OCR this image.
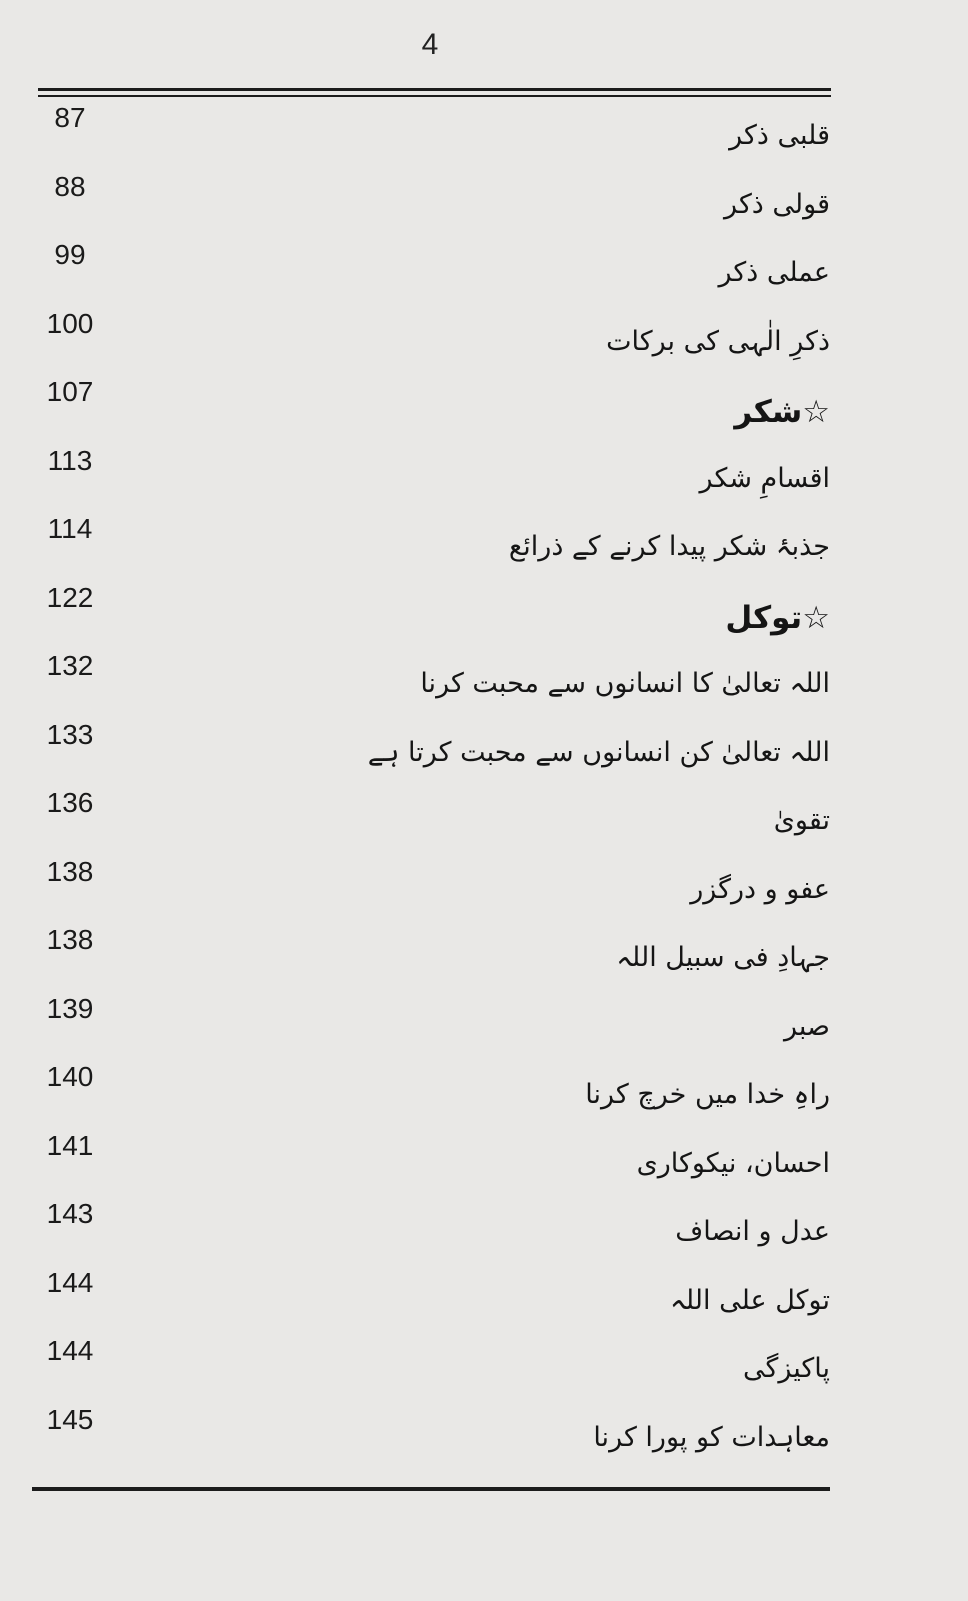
4
87
قلبی ذکر
88
قولی ذکر
99
عملی ذکر
100
ذکرِ الٰہی کی برکات
107
☆شکر
113
اقسامِ شکر
114
جذبۂ شکر پیدا کرنے کے ذرائع
122
☆توکل
132
اللہ تعالیٰ کا انسانوں سے محبت کرنا
133
اللہ تعالیٰ کن انسانوں سے محبت کرتا ہے
136
تقویٰ
138
عفو و درگزر
138
جہادِ فی سبیل اللہ
139
صبر
140
راہِ خدا میں خرچ کرنا
141
احسان، نیکوکاری
143
عدل و انصاف
144
توکل علی اللہ
144
پاکیزگی
145
معاہدات کو پورا کرنا
